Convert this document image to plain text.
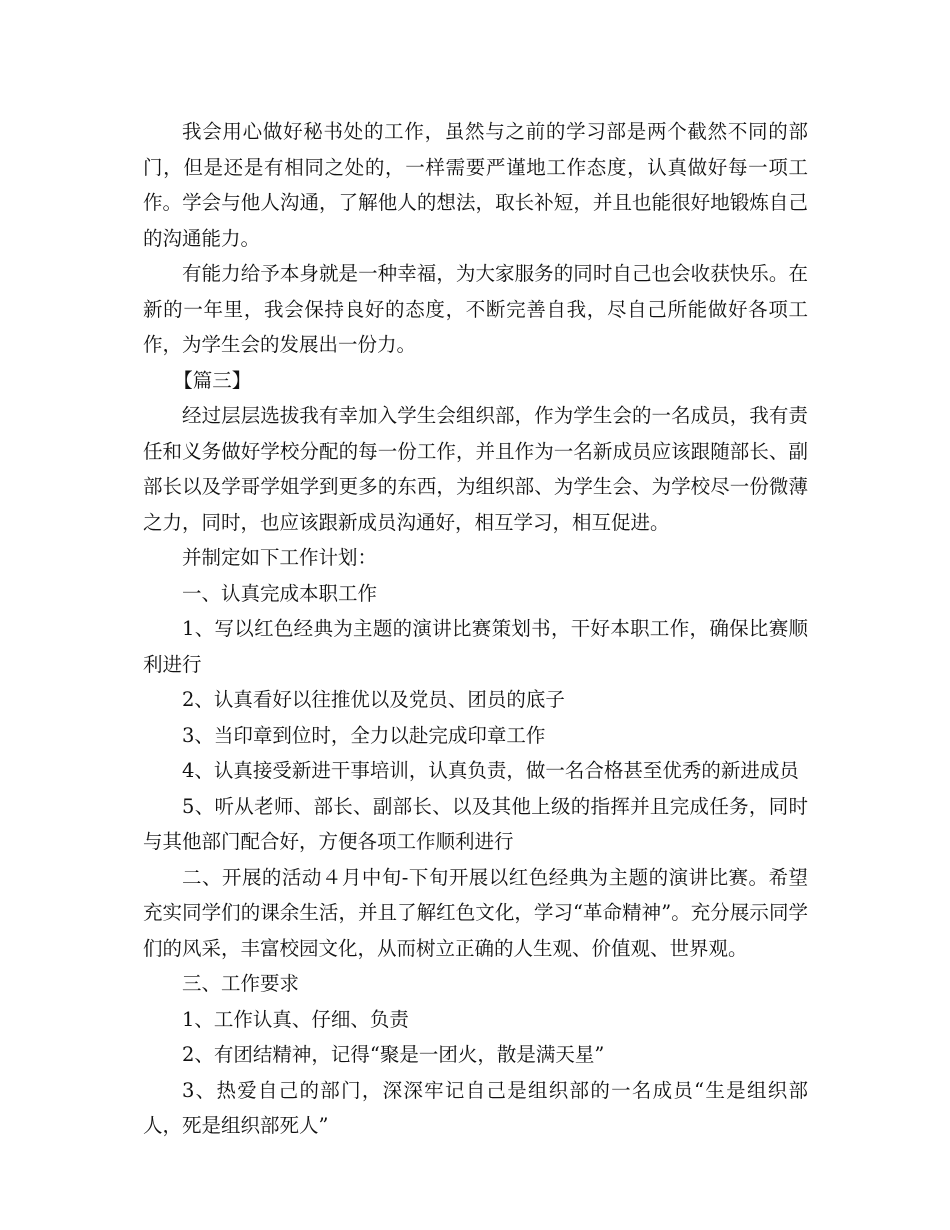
我会用心做好秘书处的工作，虽然与之前的学习部是两个截然不同的部门，但是还是有相同之处的，一样需要严谨地工作态度，认真做好每一项工作。学会与他人沟通，了解他人的想法，取长补短，并且也能很好地锻炼自己的沟通能力。

有能力给予本身就是一种幸福，为大家服务的同时自己也会收获快乐。在新的一年里，我会保持良好的态度，不断完善自我，尽自己所能做好各项工作，为学生会的发展出一份力。

【篇三】

经过层层选拔我有幸加入学生会组织部，作为学生会的一名成员，我有责任和义务做好学校分配的每一份工作，并且作为一名新成员应该跟随部长、副部长以及学哥学姐学到更多的东西，为组织部、为学生会、为学校尽一份微薄之力，同时，也应该跟新成员沟通好，相互学习，相互促进。

并制定如下工作计划：

一、认真完成本职工作

1、写以红色经典为主题的演讲比赛策划书，干好本职工作，确保比赛顺利进行

2、认真看好以往推优以及党员、团员的底子

3、当印章到位时，全力以赴完成印章工作

4、认真接受新进干事培训，认真负责，做一名合格甚至优秀的新进成员

5、听从老师、部长、副部长、以及其他上级的指挥并且完成任务，同时与其他部门配合好，方便各项工作顺利进行

二、开展的活动４月中旬-下旬开展以红色经典为主题的演讲比赛。希望充实同学们的课余生活，并且了解红色文化，学习“革命精神”。充分展示同学们的风采，丰富校园文化，从而树立正确的人生观、价值观、世界观。

三、工作要求

1、工作认真、仔细、负责

2、有团结精神，记得“聚是一团火，散是满天星”

3、热爱自己的部门，深深牢记自己是组织部的一名成员“生是组织部人，死是组织部死人”
